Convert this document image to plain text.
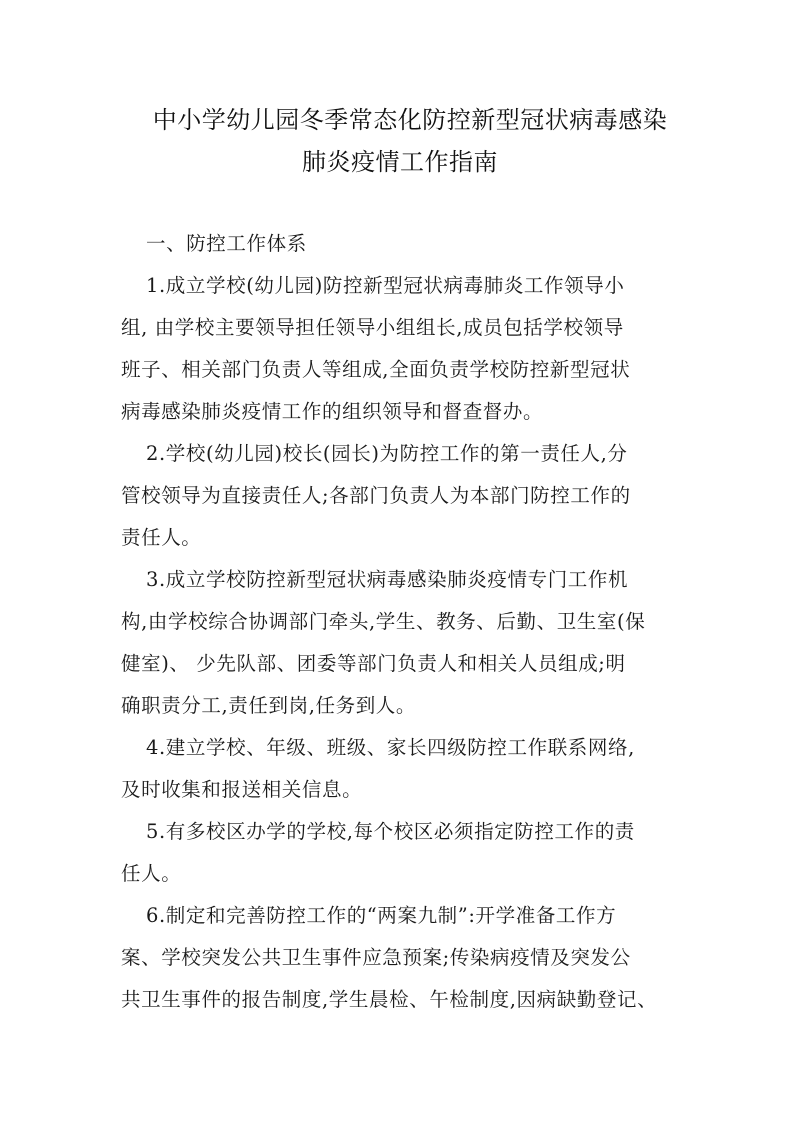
中小学幼儿园冬季常态化防控新型冠状病毒感染
肺炎疫情工作指南
一、防控工作体系
1.成立学校(幼儿园)防控新型冠状病毒肺炎工作领导小
组, 由学校主要领导担任领导小组组长,成员包括学校领导
班子、相关部门负责人等组成,全面负责学校防控新型冠状
病毒感染肺炎疫情工作的组织领导和督查督办。
2.学校(幼儿园)校长(园长)为防控工作的第一责任人,分
管校领导为直接责任人;各部门负责人为本部门防控工作的
责任人。
3.成立学校防控新型冠状病毒感染肺炎疫情专门工作机
构,由学校综合协调部门牵头,学生、教务、后勤、卫生室(保
健室)、 少先队部、团委等部门负责人和相关人员组成;明
确职责分工,责任到岗,任务到人。
4.建立学校、年级、班级、家长四级防控工作联系网络,
及时收集和报送相关信息。
5.有多校区办学的学校,每个校区必须指定防控工作的责
任人。
6.制定和完善防控工作的“两案九制”:开学准备工作方
案、学校突发公共卫生事件应急预案;传染病疫情及突发公
共卫生事件的报告制度,学生晨检、午检制度,因病缺勤登记、
